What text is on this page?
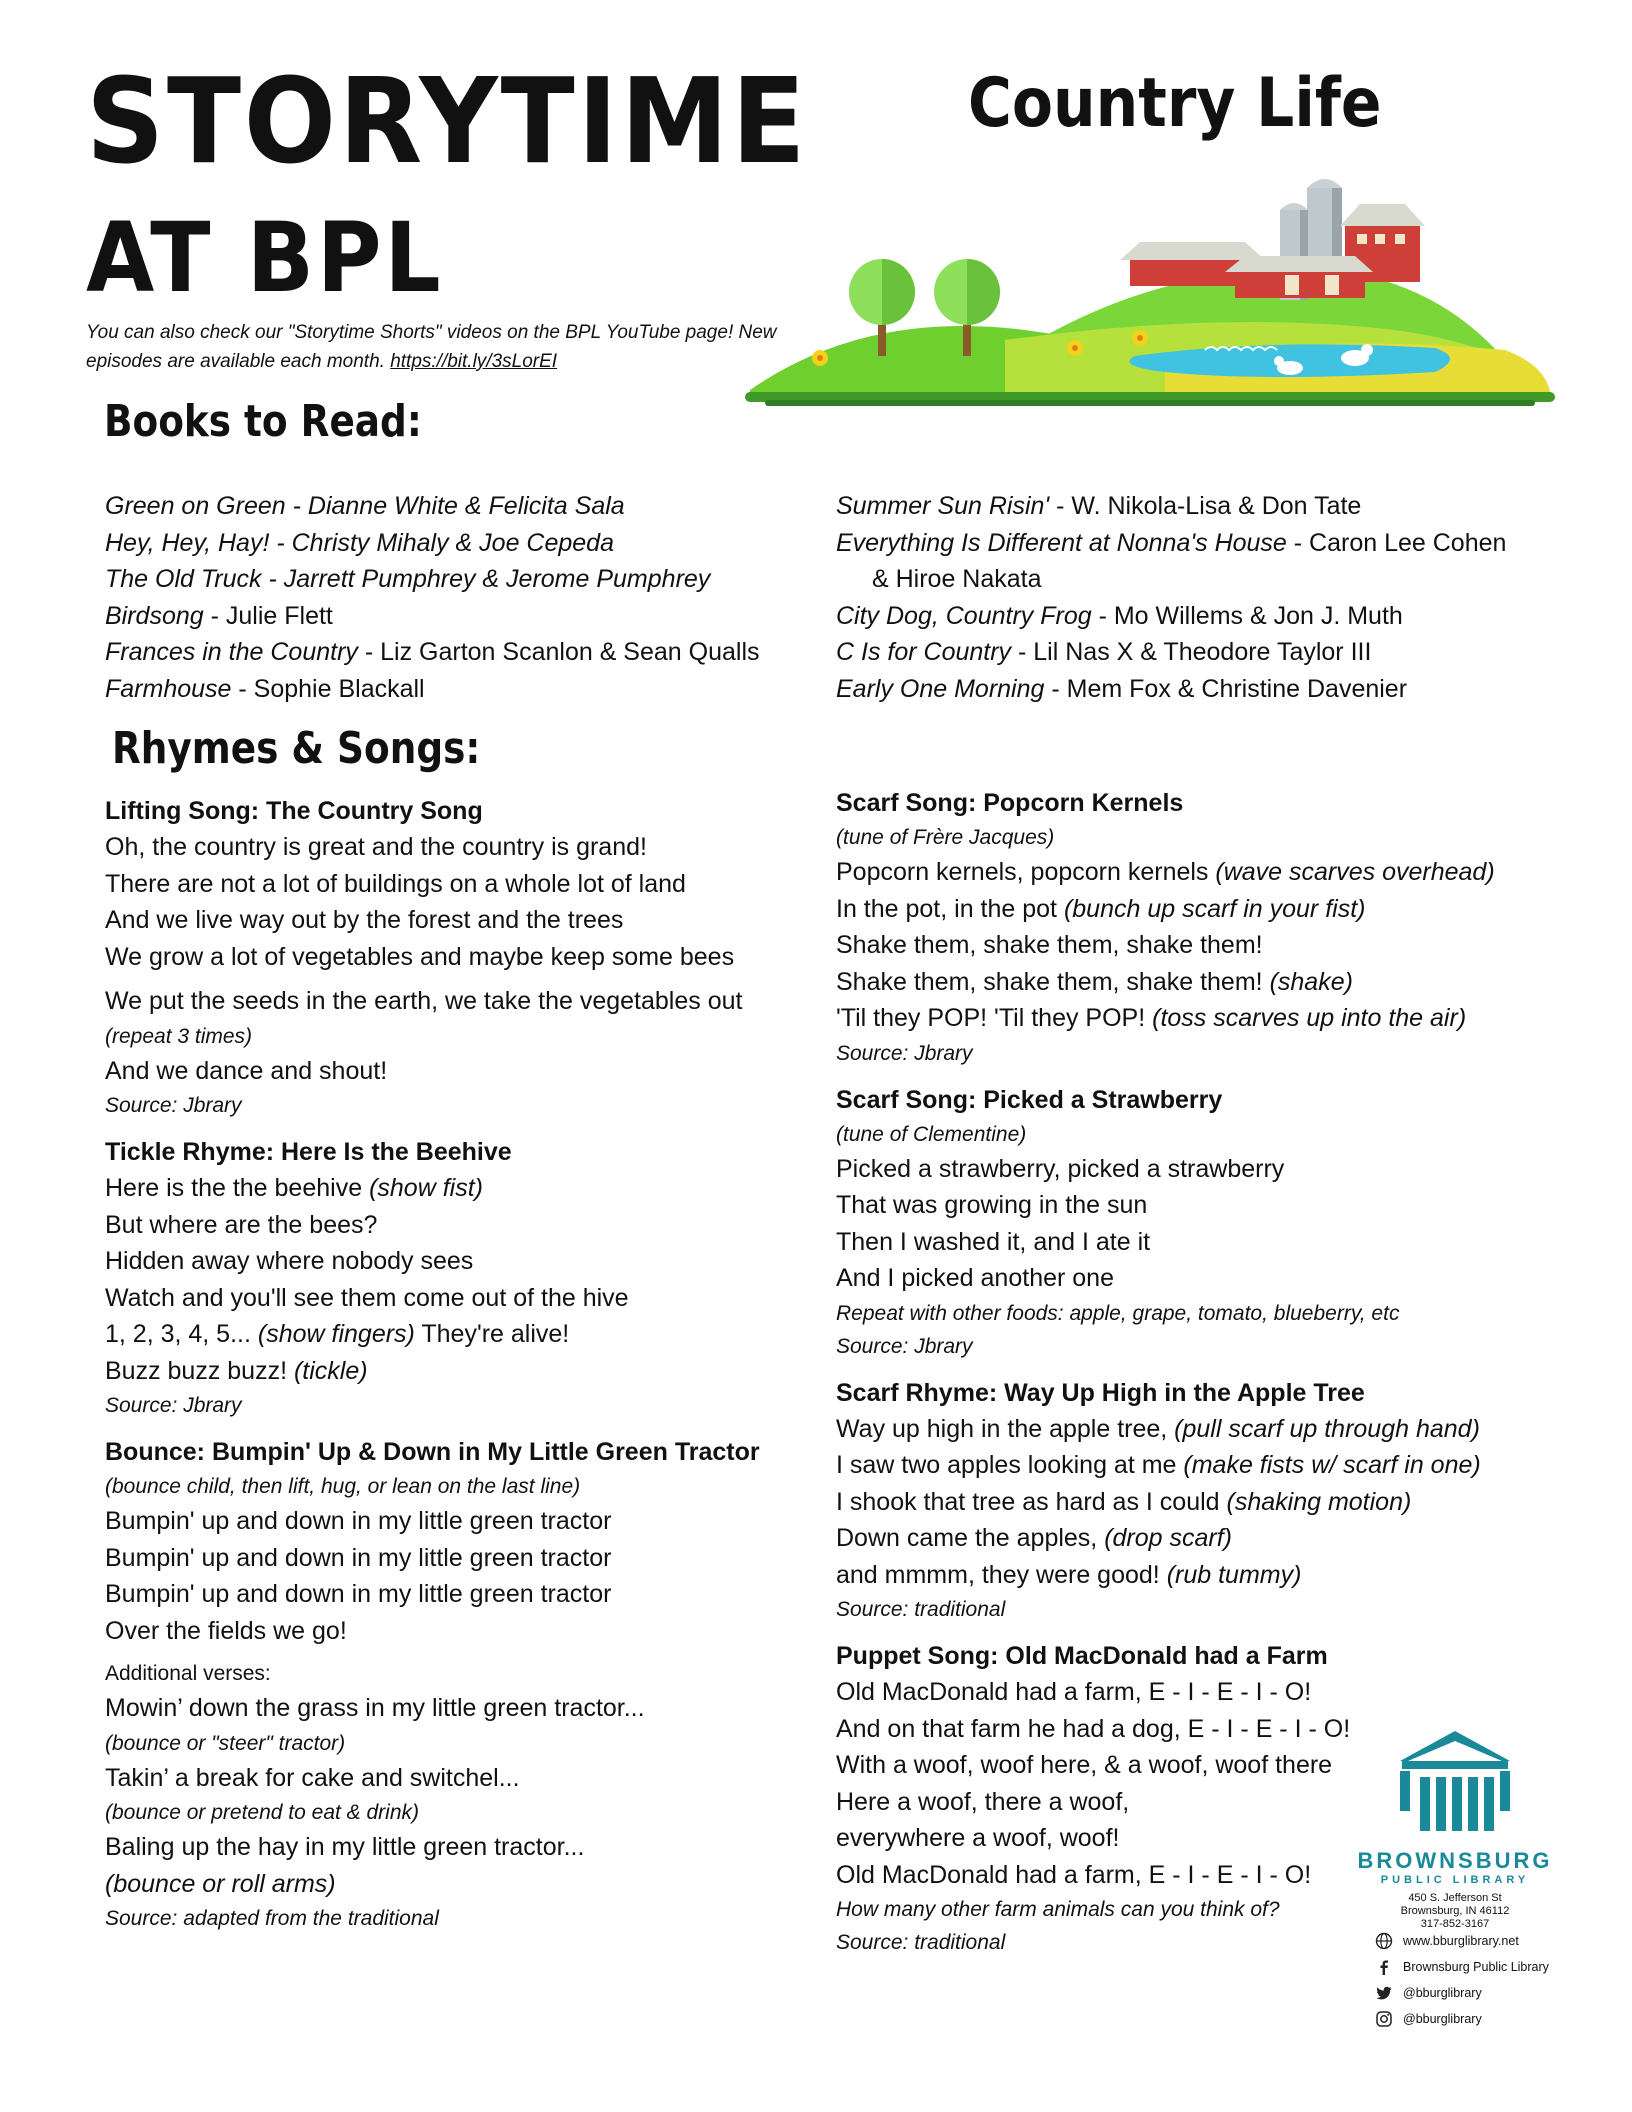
STORYTIME
AT BPL
Country Life
You can also check our "Storytime Shorts" videos on the BPL YouTube page! New episodes are available each month. https://bit.ly/3sLorEI
Books to Read:
Green on Green - Dianne White & Felicita Sala
Hey, Hey, Hay! - Christy Mihaly & Joe Cepeda
The Old Truck - Jarrett Pumphrey & Jerome Pumphrey
Birdsong - Julie Flett
Frances in the Country - Liz Garton Scanlon & Sean Qualls
Farmhouse - Sophie Blackall
Summer Sun Risin' - W. Nikola-Lisa & Don Tate
Everything Is Different at Nonna's House - Caron Lee Cohen
& Hiroe Nakata
City Dog, Country Frog - Mo Willems & Jon J. Muth
C Is for Country - Lil Nas X & Theodore Taylor III
Early One Morning - Mem Fox & Christine Davenier
Rhymes & Songs:
Lifting Song: The Country Song
Oh, the country is great and the country is grand!
There are not a lot of buildings on a whole lot of land
And we live way out by the forest and the trees
We grow a lot of vegetables and maybe keep some bees
We put the seeds in the earth, we take the vegetables out
(repeat 3 times)
And we dance and shout!
Source: Jbrary
Tickle Rhyme: Here Is the Beehive
Here is the the beehive (show fist)
But where are the bees?
Hidden away where nobody sees
Watch and you'll see them come out of the hive
1, 2, 3, 4, 5... (show fingers) They're alive!
Buzz buzz buzz! (tickle)
Source: Jbrary
Bounce: Bumpin' Up & Down in My Little Green Tractor
(bounce child, then lift, hug, or lean on the last line)
Bumpin' up and down in my little green tractor
Bumpin' up and down in my little green tractor
Bumpin' up and down in my little green tractor
Over the fields we go!
Additional verses:
Mowin’ down the grass in my little green tractor...
(bounce or "steer" tractor)
Takin’ a break for cake and switchel...
(bounce or pretend to eat & drink)
Baling up the hay in my little green tractor...
(bounce or roll arms)
Source: adapted from the traditional
Scarf Song: Popcorn Kernels
(tune of Frère Jacques)
Popcorn kernels, popcorn kernels (wave scarves overhead)
In the pot, in the pot (bunch up scarf in your fist)
Shake them, shake them, shake them!
Shake them, shake them, shake them! (shake)
'Til they POP! 'Til they POP! (toss scarves up into the air)
Source: Jbrary
Scarf Song: Picked a Strawberry
(tune of Clementine)
Picked a strawberry, picked a strawberry
That was growing in the sun
Then I washed it, and I ate it
And I picked another one
Repeat with other foods: apple, grape, tomato, blueberry, etc
Source: Jbrary
Scarf Rhyme: Way Up High in the Apple Tree
Way up high in the apple tree, (pull scarf up through hand)
I saw two apples looking at me (make fists w/ scarf in one)
I shook that tree as hard as I could (shaking motion)
Down came the apples, (drop scarf)
and mmmm, they were good! (rub tummy)
Source: traditional
Puppet Song: Old MacDonald had a Farm
Old MacDonald had a farm, E - I - E - I - O!
And on that farm he had a dog, E - I - E - I - O!
With a woof, woof here, & a woof, woof there
Here a woof, there a woof,
everywhere a woof, woof!
Old MacDonald had a farm, E - I - E - I - O!
How many other farm animals can you think of?
Source: traditional
BROWNSBURG
PUBLIC LIBRARY
450 S. Jefferson St
Brownsburg, IN 46112
317-852-3167
www.bburglibrary.net
Brownsburg Public Library
@bburglibrary
@bburglibrary
